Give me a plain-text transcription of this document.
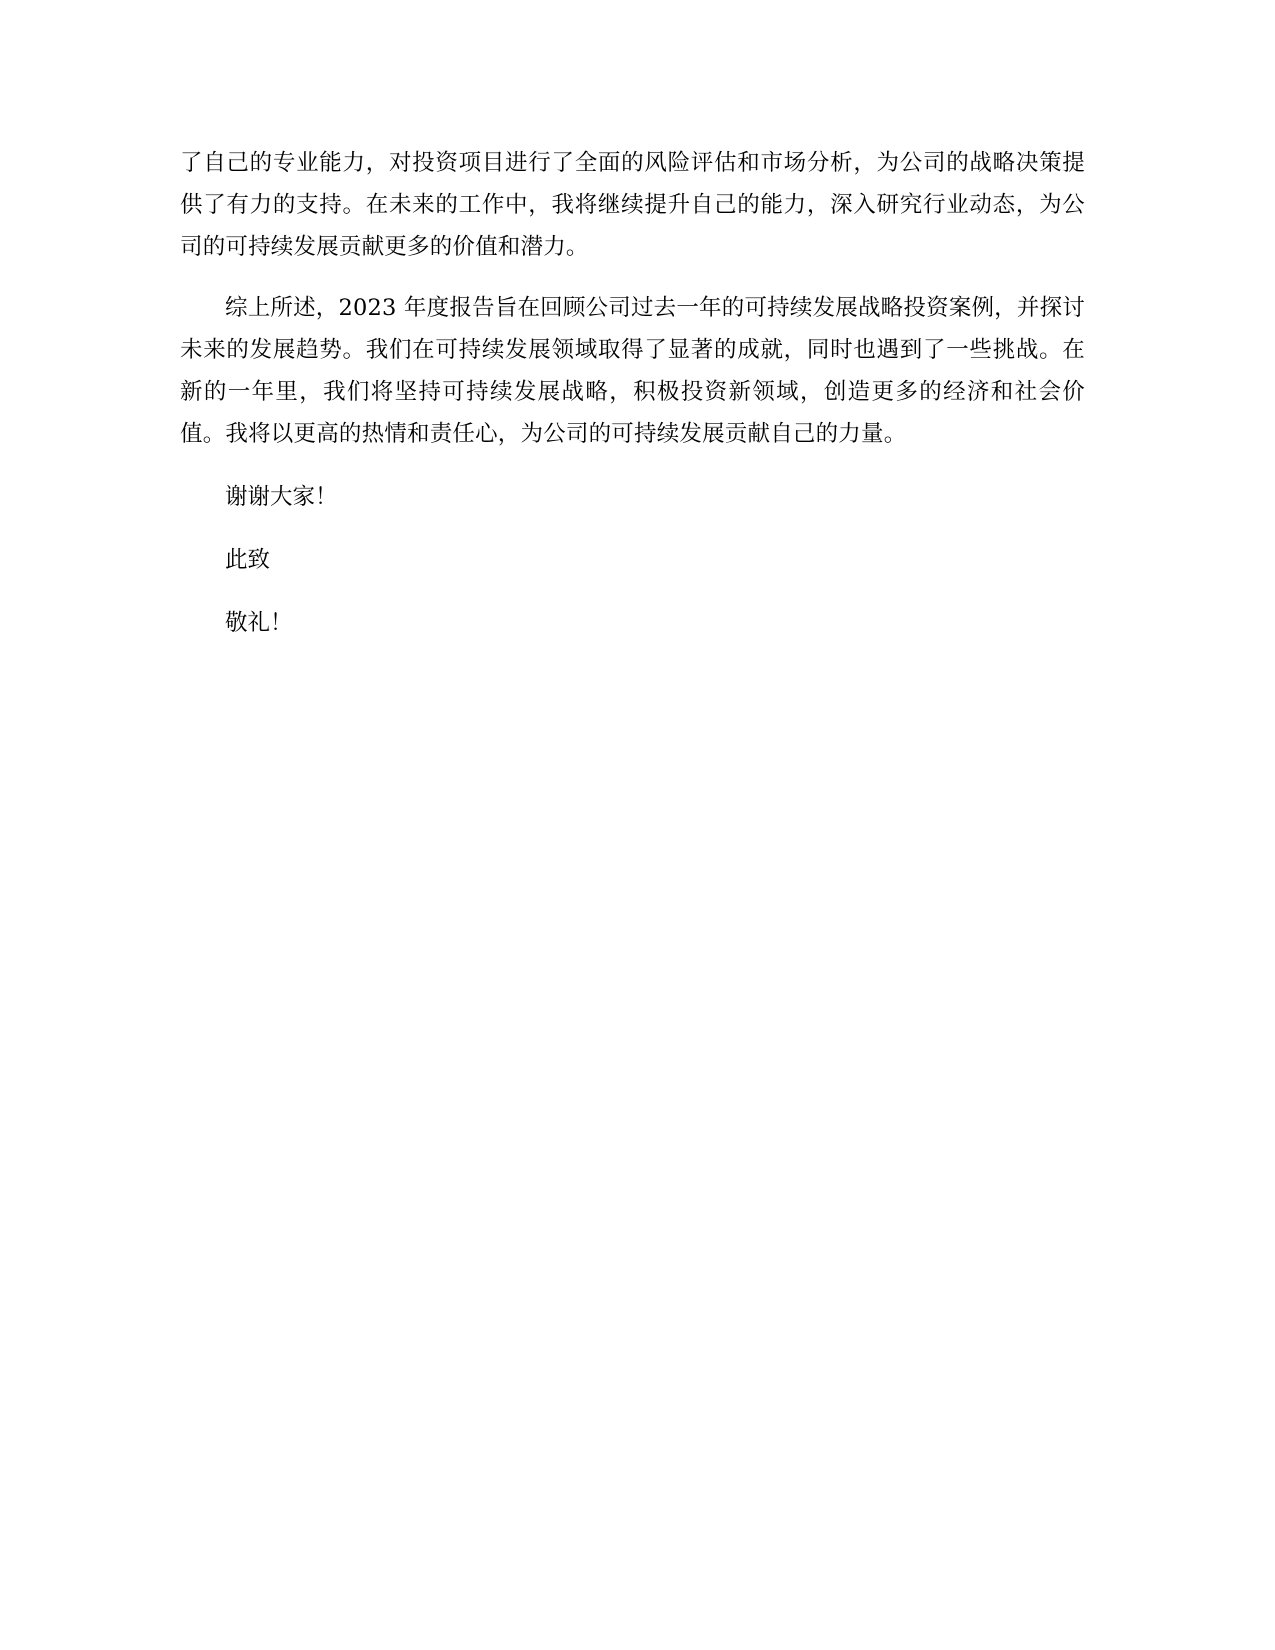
了自己的专业能力，对投资项目进行了全面的风险评估和市场分析，为公司的战略决策提供了有力的支持。在未来的工作中，我将继续提升自己的能力，深入研究行业动态，为公司的可持续发展贡献更多的价值和潜力。

综上所述，2023 年度报告旨在回顾公司过去一年的可持续发展战略投资案例，并探讨未来的发展趋势。我们在可持续发展领域取得了显著的成就，同时也遇到了一些挑战。在新的一年里，我们将坚持可持续发展战略，积极投资新领域，创造更多的经济和社会价值。我将以更高的热情和责任心，为公司的可持续发展贡献自己的力量。

谢谢大家！

此致

敬礼！
